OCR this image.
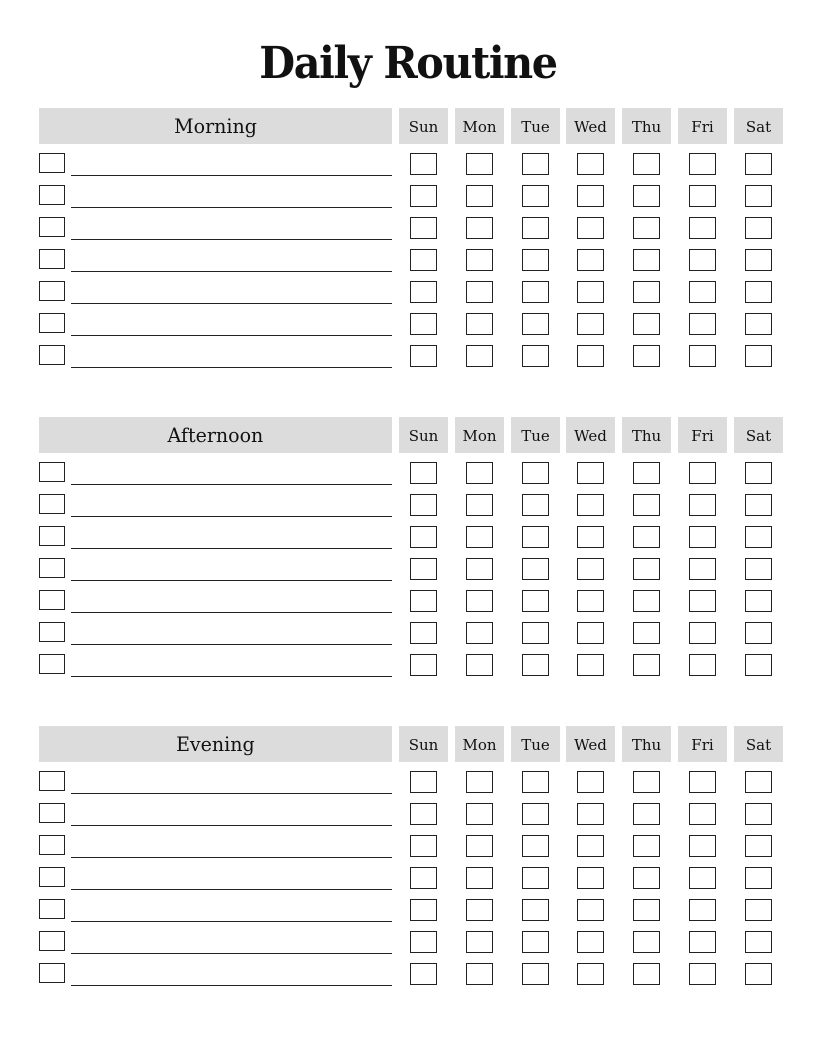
Daily Routine
Morning	Sun	Mon	Tue	Wed	Thu	Fri	Sat
Afternoon	Sun	Mon	Tue	Wed	Thu	Fri	Sat
Evening	Sun	Mon	Tue	Wed	Thu	Fri	Sat
